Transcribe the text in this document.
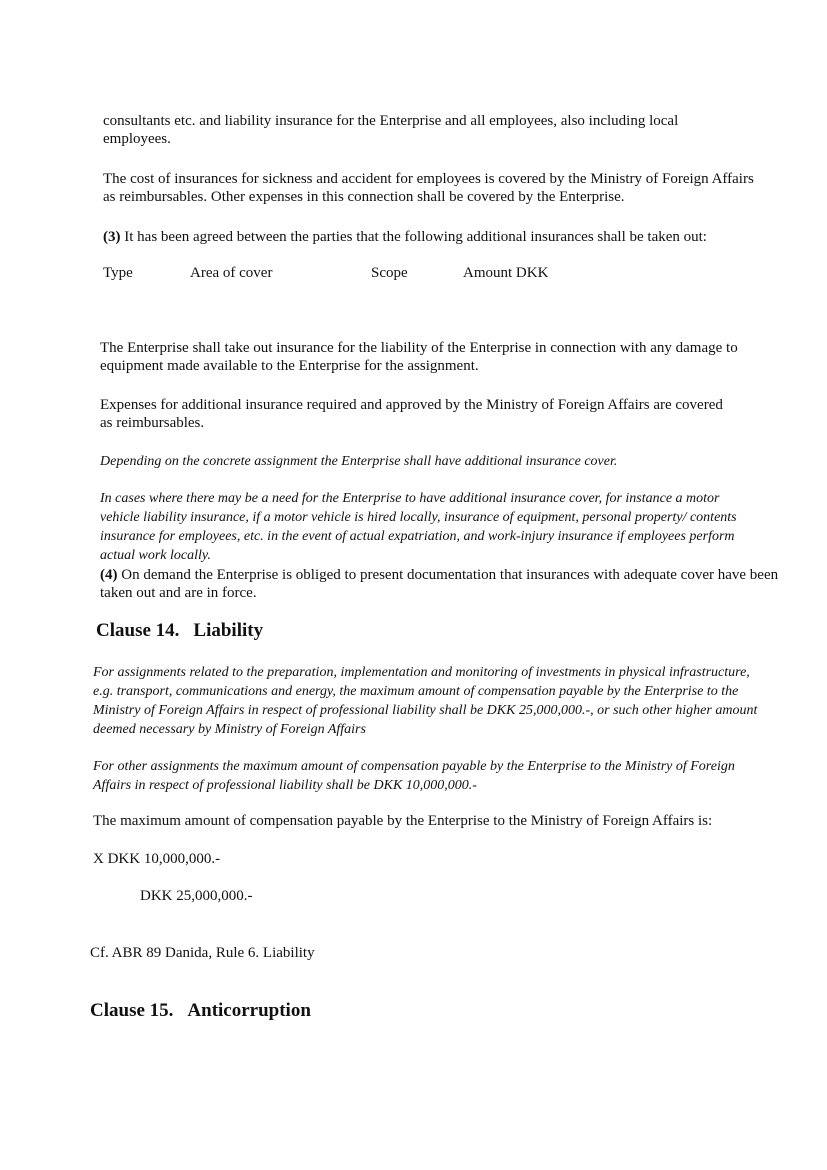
consultants etc. and liability insurance for the Enterprise and all employees, also including local employees.

The cost of insurances for sickness and accident for employees is covered by the Ministry of Foreign Affairs as reimbursables. Other expenses in this connection shall be covered by the Enterprise.

(3) It has been agreed between the parties that the following additional insurances shall be taken out:

Type	Area of cover	Scope	Amount DKK

The Enterprise shall take out insurance for the liability of the Enterprise in connection with any damage to equipment made available to the Enterprise for the assignment.

Expenses for additional insurance required and approved by the Ministry of Foreign Affairs are covered as reimbursables.

Depending on the concrete assignment the Enterprise shall have additional insurance cover.

In cases where there may be a need for the Enterprise to have additional insurance cover, for instance a motor vehicle liability insurance, if a motor vehicle is hired locally, insurance of equipment, personal property/ contents insurance for employees, etc. in the event of actual expatriation, and work-injury insurance if employees perform actual work locally.

(4) On demand the Enterprise is obliged to present documentation that insurances with adequate cover have been taken out and are in force.

Clause 14. Liability

For assignments related to the preparation, implementation and monitoring of investments in physical infrastructure, e.g. transport, communications and energy, the maximum amount of compensation payable by the Enterprise to the Ministry of Foreign Affairs in respect of professional liability shall be DKK 25,000,000.-, or such other higher amount deemed necessary by Ministry of Foreign Affairs

For other assignments the maximum amount of compensation payable by the Enterprise to the Ministry of Foreign Affairs in respect of professional liability shall be DKK 10,000,000.-

The maximum amount of compensation payable by the Enterprise to the Ministry of Foreign Affairs is:

X DKK 10,000,000.-
DKK 25,000,000.-

Cf. ABR 89 Danida, Rule 6. Liability

Clause 15. Anticorruption
